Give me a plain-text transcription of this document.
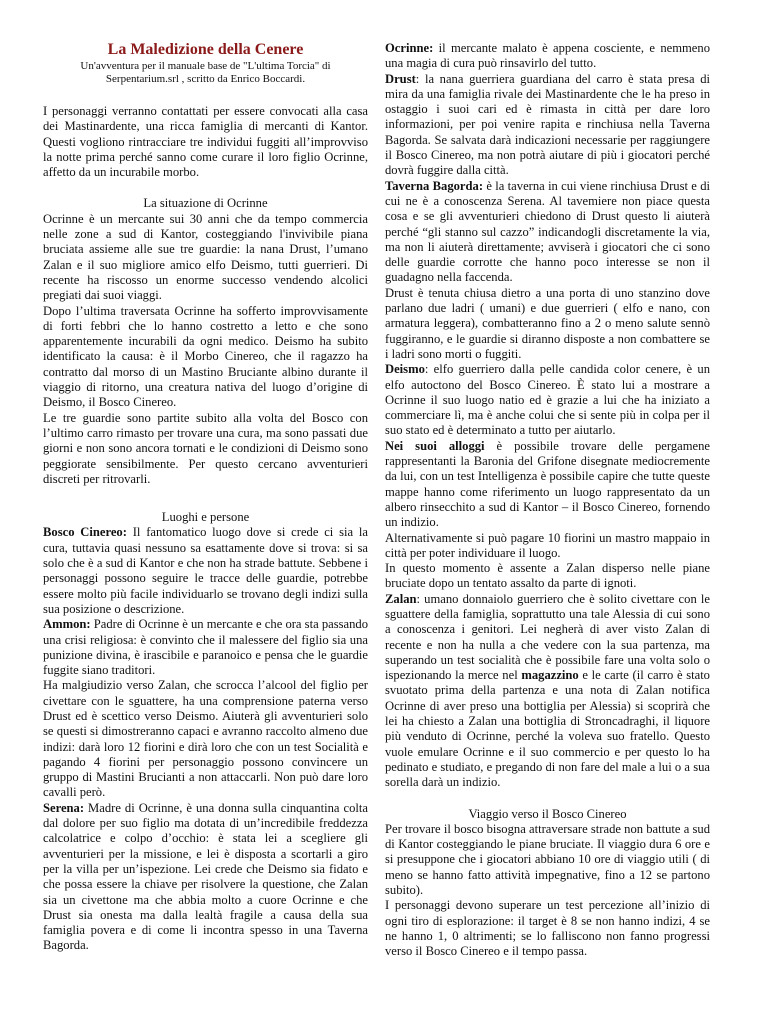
La Maledizione della Cenere
Un'avventura per il manuale base de "L'ultima Torcia" di
Serpentarium.srl , scritto da Enrico Boccardi.

I personaggi verranno contattati per essere convocati alla casa dei Mastinardente, una ricca famiglia di mercanti di Kantor. Questi vogliono rintracciare tre individui fuggiti all’improvviso la notte prima perché sanno come curare il loro figlio Ocrinne, affetto da un incurabile morbo.

La situazione di Ocrinne

Ocrinne è un mercante sui 30 anni che da tempo commercia nelle zone a sud di Kantor, costeggiando l'invivibile piana bruciata assieme alle sue tre guardie: la nana Drust, l’umano Zalan e il suo migliore amico elfo Deismo, tutti guerrieri. Di recente ha riscosso un enorme successo vendendo alcolici pregiati dai suoi viaggi.

Dopo l’ultima traversata Ocrinne ha sofferto improvvisamente di forti febbri che lo hanno costretto a letto e che sono apparentemente incurabili da ogni medico. Deismo ha subito identificato la causa: è il Morbo Cinereo, che il ragazzo ha contratto dal morso di un Mastino Bruciante albino durante il viaggio di ritorno, una creatura nativa del luogo d’origine di Deismo, il Bosco Cinereo.

Le tre guardie sono partite subito alla volta del Bosco con l’ultimo carro rimasto per trovare una cura, ma sono passati due giorni e non sono ancora tornati e le condizioni di Deismo sono peggiorate sensibilmente. Per questo cercano avventurieri discreti per ritrovarli.

Luoghi e persone

Bosco Cinereo: Il fantomatico luogo dove si crede ci sia la cura, tuttavia quasi nessuno sa esattamente dove si trova: si sa solo che è a sud di Kantor e che non ha strade battute. Sebbene i personaggi possono seguire le tracce delle guardie, potrebbe essere molto più facile individuarlo se trovano degli indizi sulla sua posizione o descrizione.

Ammon: Padre di Ocrinne è un mercante e che ora sta passando una crisi religiosa: è convinto che il malessere del figlio sia una punizione divina, è irascibile e paranoico e pensa che le guardie fuggite siano traditori.

Ha malgiudizio verso Zalan, che scrocca l’alcool del figlio per civettare con le sguattere, ha una comprensione paterna verso Drust ed è scettico verso Deismo. Aiuterà gli avventurieri solo se questi si dimostreranno capaci e avranno raccolto almeno due indizi: darà loro 12 fiorini e dirà loro che con un test Socialità e pagando 4 fiorini per personaggio possono convincere un gruppo di Mastini Brucianti a non attaccarli. Non può dare loro cavalli però.

Serena: Madre di Ocrinne, è una donna sulla cinquantina colta dal dolore per suo figlio ma dotata di un’incredibile freddezza calcolatrice e colpo d’occhio: è stata lei a scegliere gli avventurieri per la missione, e lei è disposta a scortarli a giro per la villa per un’ispezione. Lei crede che Deismo sia fidato e che possa essere la chiave per risolvere la questione, che Zalan sia un civettone ma che abbia molto a cuore Ocrinne e che Drust sia onesta ma dalla lealtà fragile a causa della sua famiglia povera e di come li incontra spesso in una Taverna Bagorda.

Ocrinne: il mercante malato è appena cosciente, e nemmeno una magia di cura può rinsavirlo del tutto.

Drust: la nana guerriera guardiana del carro è stata presa di mira da una famiglia rivale dei Mastinardente che le ha preso in ostaggio i suoi cari ed è rimasta in città per dare loro informazioni, per poi venire rapita e rinchiusa nella Taverna Bagorda. Se salvata darà indicazioni necessarie per raggiungere il Bosco Cinereo, ma non potrà aiutare di più i giocatori perché dovrà fuggire dalla città.

Taverna Bagorda: è la taverna in cui viene rinchiusa Drust e di cui ne è a conoscenza Serena. Al tavemiere non piace questa cosa e se gli avventurieri chiedono di Drust questo li aiuterà perché “gli stanno sul cazzo” indicandogli discretamente la via, ma non li aiuterà direttamente; avviserà i giocatori che ci sono delle guardie corrotte che hanno poco interesse se non il guadagno nella faccenda.

Drust è tenuta chiusa dietro a una porta di uno stanzino dove parlano due ladri ( umani) e due guerrieri ( elfo e nano, con armatura leggera), combatteranno fino a 2 o meno salute sennò fuggiranno, e le guardie si diranno disposte a non combattere se i ladri sono morti o fuggiti.

Deismo: elfo guerriero dalla pelle candida color cenere, è un elfo autoctono del Bosco Cinereo. È stato lui a mostrare a Ocrinne il suo luogo natio ed è grazie a lui che ha iniziato a commerciare lì, ma è anche colui che si sente più in colpa per il suo stato ed è determinato a tutto per aiutarlo.

Nei suoi alloggi è possibile trovare delle pergamene rappresentanti la Baronia del Grifone disegnate mediocremente da lui, con un test Intelligenza è possibile capire che tutte queste mappe hanno come riferimento un luogo rappresentato da un albero rinsecchito a sud di Kantor – il Bosco Cinereo, fornendo un indizio.

Alternativamente si può pagare 10 fiorini un mastro mappaio in città per poter individuare il luogo.

In questo momento è assente a Zalan disperso nelle piane bruciate dopo un tentato assalto da parte di ignoti.

Zalan: umano donnaiolo guerriero che è solito civettare con le sguattere della famiglia, soprattutto una tale Alessia di cui sono a conoscenza i genitori. Lei negherà di aver visto Zalan di recente e non ha nulla a che vedere con la sua partenza, ma superando un test socialità che è possibile fare una volta solo o ispezionando la merce nel magazzino e le carte (il carro è stato svuotato prima della partenza e una nota di Zalan notifica Ocrinne di aver preso una bottiglia per Alessia) si scoprirà che lei ha chiesto a Zalan una bottiglia di Stroncadraghi, il liquore più venduto di Ocrinne, perché la voleva suo fratello. Questo vuole emulare Ocrinne e il suo commercio e per questo lo ha pedinato e studiato, e pregando di non fare del male a lui o a sua sorella darà un indizio.

Viaggio verso il Bosco Cinereo

Per trovare il bosco bisogna attraversare strade non battute a sud di Kantor costeggiando le piane bruciate. Il viaggio dura 6 ore e si presuppone che i giocatori abbiano 10 ore di viaggio utili ( di meno se hanno fatto attività impegnative, fino a 12 se partono subito).

I personaggi devono superare un test percezione all’inizio di ogni tiro di esplorazione: il target è 8 se non hanno indizi, 4 se ne hanno 1, 0 altrimenti; se lo falliscono non fanno progressi verso il Bosco Cinereo e il tempo passa.
